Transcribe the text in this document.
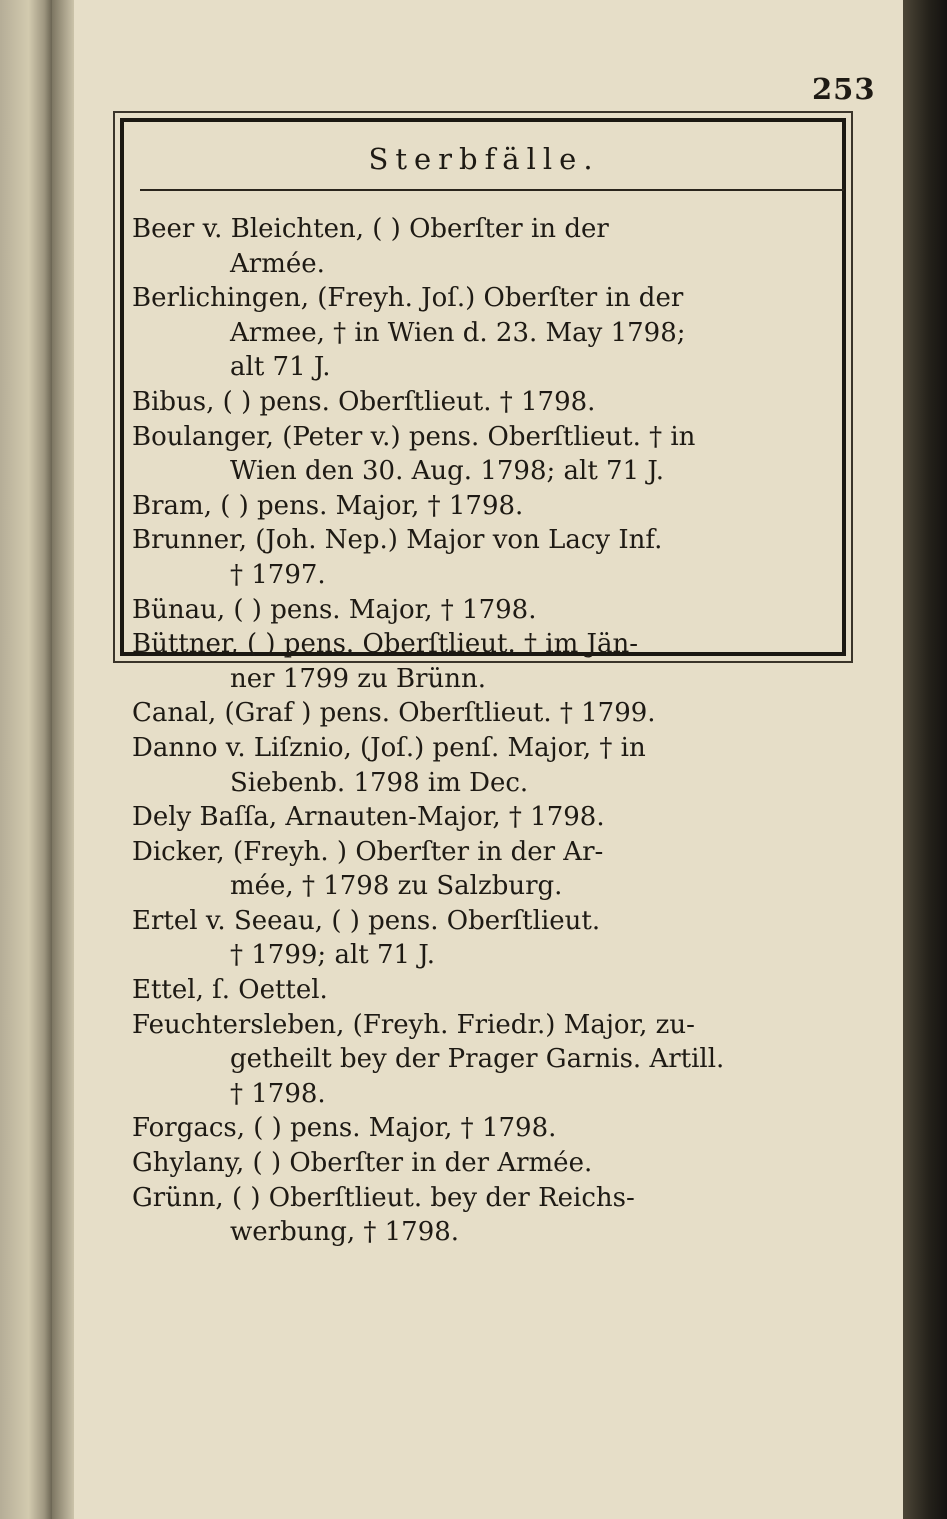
253
Sterbfälle.
Beer v. Bleichten, ( ) Oberſter in der
Armée.
Berlichingen, (Freyh. Joſ.) Oberſter in der
Armee, † in Wien d. 23. May 1798;
alt 71 J.
Bibus, ( ) pens. Oberſtlieut. † 1798.
Boulanger, (Peter v.) pens. Oberſtlieut. † in
Wien den 30. Aug. 1798; alt 71 J.
Bram, ( ) pens. Major, † 1798.
Brunner, (Joh. Nep.) Major von Lacy Inf.
† 1797.
Bünau, ( ) pens. Major, † 1798.
Büttner, ( ) pens. Oberſtlieut. † im Jän-
ner 1799 zu Brünn.
Canal, (Graf ) pens. Oberſtlieut. † 1799.
Danno v. Liſznio, (Joſ.) penſ. Major, † in
Siebenb. 1798 im Dec.
Dely Baſſa, Arnauten-Major, † 1798.
Dicker, (Freyh. ) Oberſter in der Ar-
mée, † 1798 zu Salzburg.
Ertel v. Seeau, ( ) pens. Oberſtlieut.
† 1799; alt 71 J.
Ettel, ſ. Oettel.
Feuchtersleben, (Freyh. Friedr.) Major, zu-
getheilt bey der Prager Garnis. Artill.
† 1798.
Forgacs, ( ) pens. Major, † 1798.
Ghylany, ( ) Oberſter in der Armée.
Grünn, ( ) Oberſtlieut. bey der Reichs-
werbung, † 1798.
